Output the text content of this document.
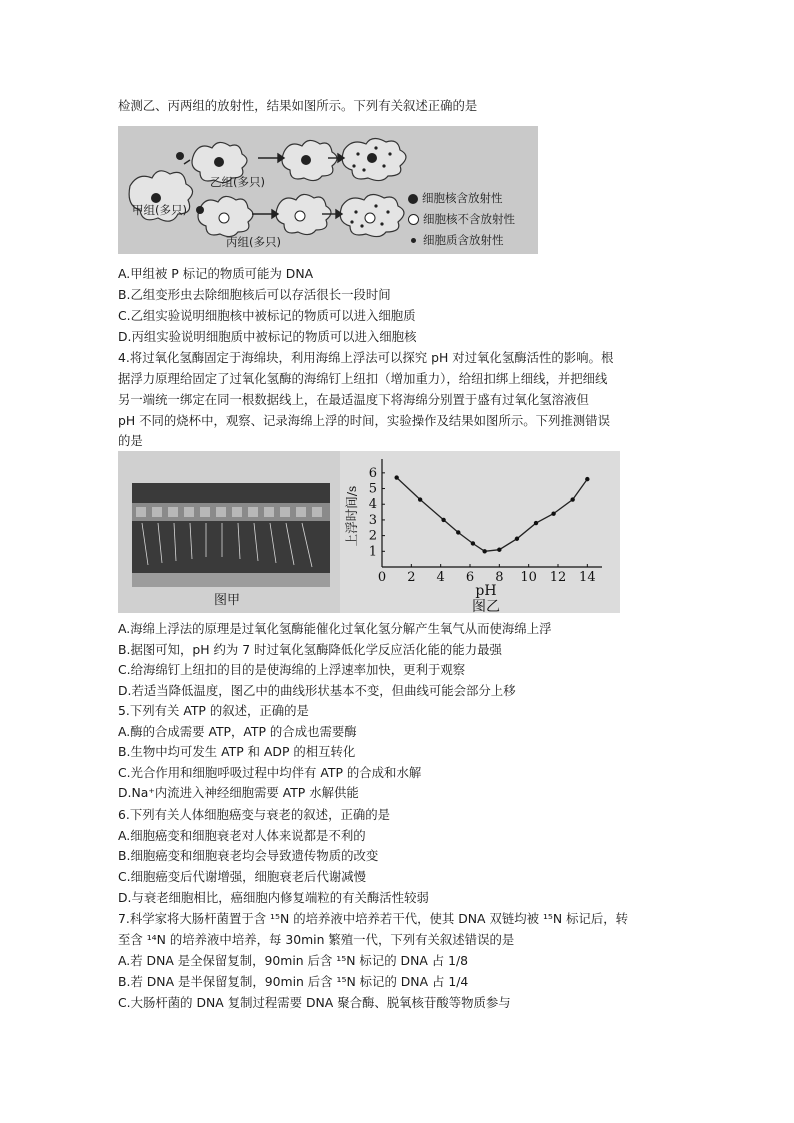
检测乙、丙两组的放射性，结果如图所示。下列有关叙述正确的是
乙组(多只)
甲组(多只)
丙组(多只)
细胞核含放射性
细胞核不含放射性
细胞质含放射性
A.甲组被 P 标记的物质可能为 DNA
B.乙组变形虫去除细胞核后可以存活很长一段时间
C.乙组实验说明细胞核中被标记的物质可以进入细胞质
D.丙组实验说明细胞质中被标记的物质可以进入细胞核
4.将过氧化氢酶固定于海绵块，利用海绵上浮法可以探究 pH 对过氧化氢酶活性的影响。根
据浮力原理给固定了过氧化氢酶的海绵钉上纽扣（增加重力），给纽扣绑上细线，并把细线
另一端统一绑定在同一根数据线上，在最适温度下将海绵分别置于盛有过氧化氢溶液但
pH 不同的烧杯中，观察、记录海绵上浮的时间，实验操作及结果如图所示。下列推测错误
的是
图甲
0 2 4 6 8 10 12 14
1
2
3
4
5
6
pH
上浮时间/s
图乙
A.海绵上浮法的原理是过氧化氢酶能催化过氧化氢分解产生氧气从而使海绵上浮
B.据图可知，pH 约为 7 时过氧化氢酶降低化学反应活化能的能力最强
C.给海绵钉上纽扣的目的是使海绵的上浮速率加快，更利于观察
D.若适当降低温度，图乙中的曲线形状基本不变，但曲线可能会部分上移
5.下列有关 ATP 的叙述，正确的是
A.酶的合成需要 ATP，ATP 的合成也需要酶
B.生物中均可发生 ATP 和 ADP 的相互转化
C.光合作用和细胞呼吸过程中均伴有 ATP 的合成和水解
D.Na⁺内流进入神经细胞需要 ATP 水解供能
6.下列有关人体细胞癌变与衰老的叙述，正确的是
A.细胞癌变和细胞衰老对人体来说都是不利的
B.细胞癌变和细胞衰老均会导致遗传物质的改变
C.细胞癌变后代谢增强，细胞衰老后代谢减慢
D.与衰老细胞相比，癌细胞内修复端粒的有关酶活性较弱
7.科学家将大肠杆菌置于含 ¹⁵N 的培养液中培养若干代，使其 DNA 双链均被 ¹⁵N 标记后，转
至含 ¹⁴N 的培养液中培养，每 30min 繁殖一代，下列有关叙述错误的是
A.若 DNA 是全保留复制，90min 后含 ¹⁵N 标记的 DNA 占 1/8
B.若 DNA 是半保留复制，90min 后含 ¹⁵N 标记的 DNA 占 1/4
C.大肠杆菌的 DNA 复制过程需要 DNA 聚合酶、脱氧核苷酸等物质参与
